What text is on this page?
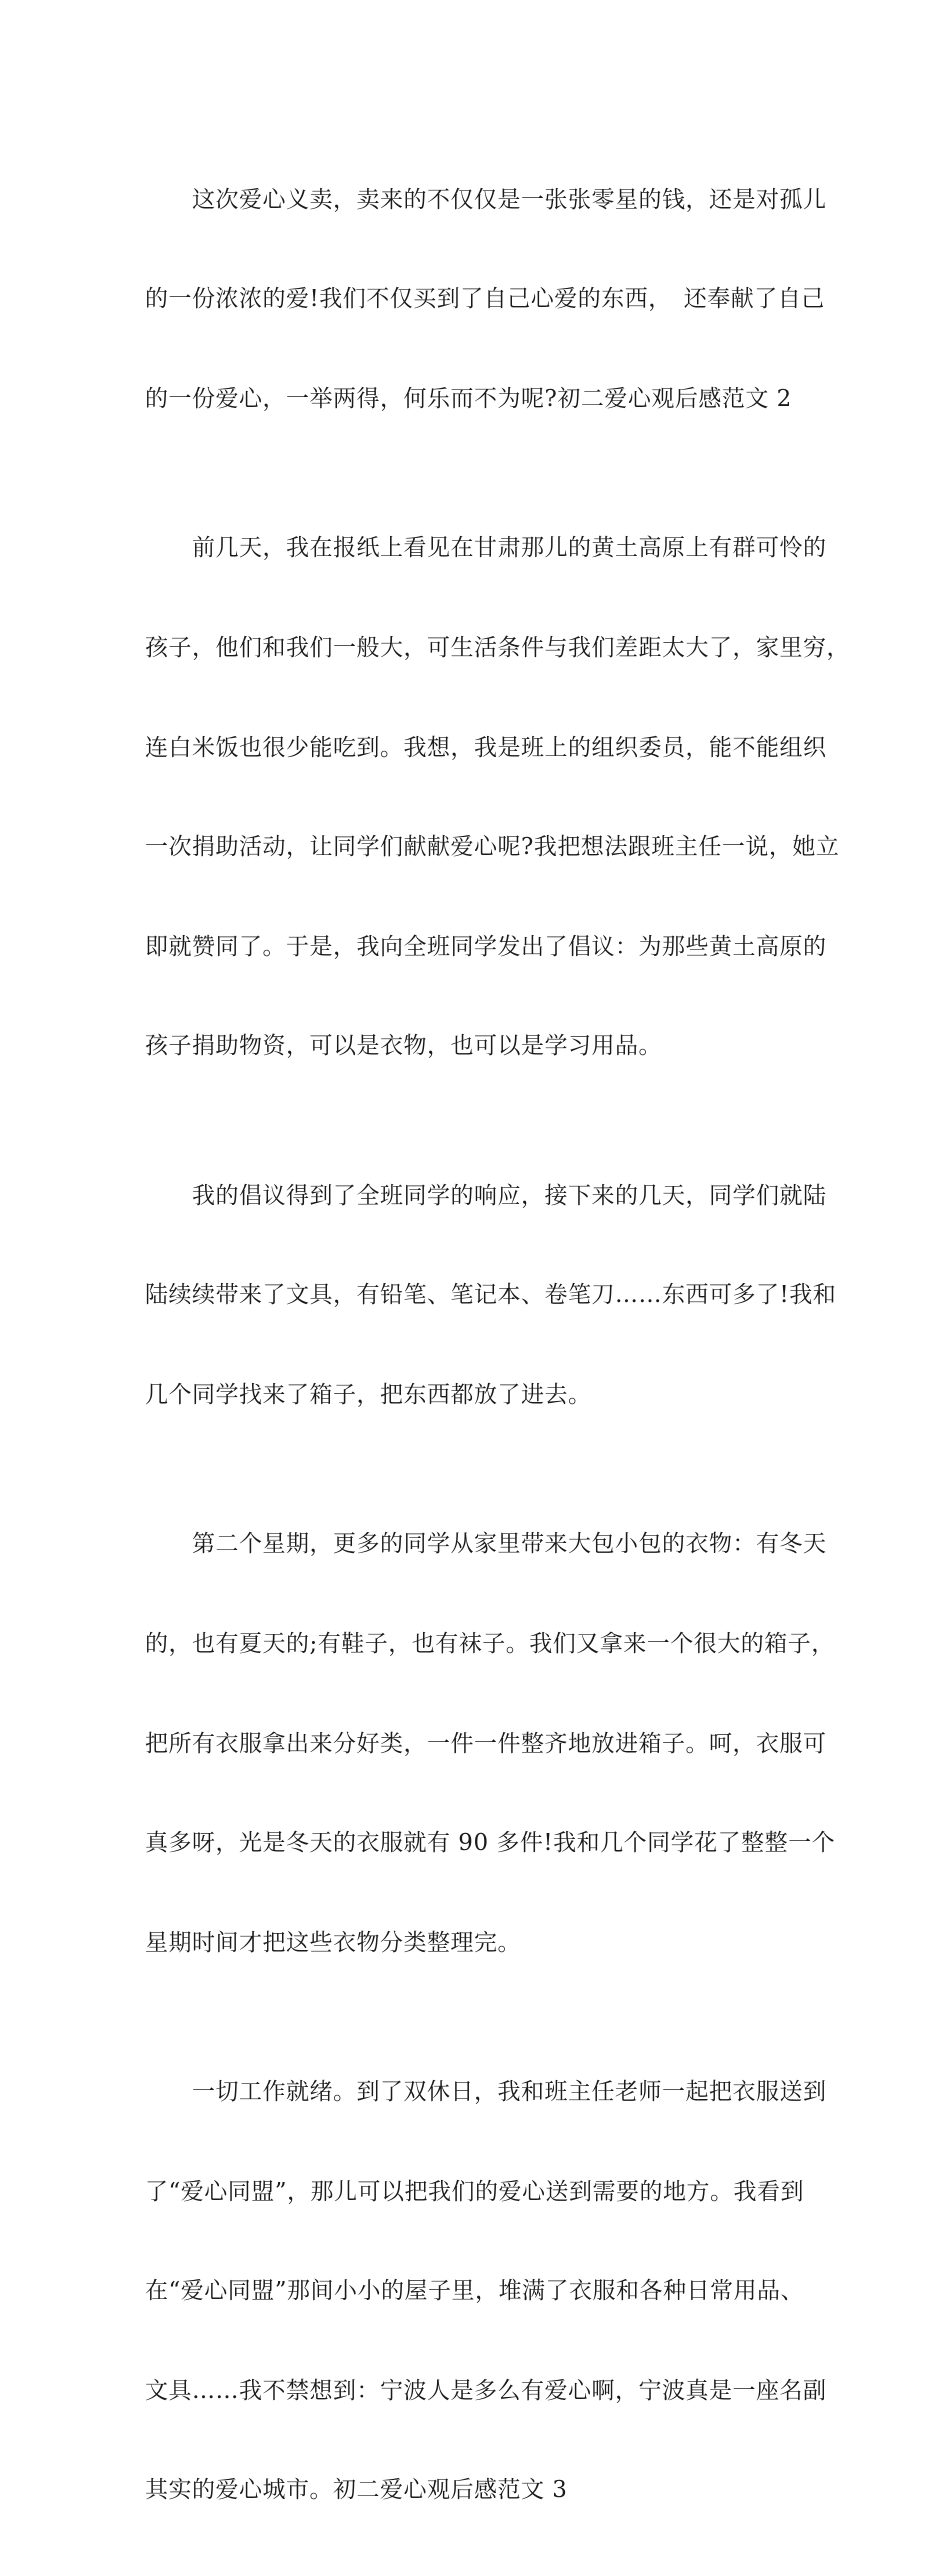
　　这次爱心义卖，卖来的不仅仅是一张张零星的钱，还是对孤儿

的一份浓浓的爱!我们不仅买到了自己心爱的东西，　还奉献了自己

的一份爱心，一举两得，何乐而不为呢?初二爱心观后感范文 2

　　前几天，我在报纸上看见在甘肃那儿的黄土高原上有群可怜的

孩子，他们和我们一般大，可生活条件与我们差距太大了，家里穷，

连白米饭也很少能吃到。我想，我是班上的组织委员，能不能组织

一次捐助活动，让同学们献献爱心呢?我把想法跟班主任一说，她立

即就赞同了。于是，我向全班同学发出了倡议：为那些黄土高原的

孩子捐助物资，可以是衣物，也可以是学习用品。

　　我的倡议得到了全班同学的响应，接下来的几天，同学们就陆

陆续续带来了文具，有铅笔、笔记本、卷笔刀……东西可多了!我和

几个同学找来了箱子，把东西都放了进去。

　　第二个星期，更多的同学从家里带来大包小包的衣物：有冬天

的，也有夏天的;有鞋子，也有袜子。我们又拿来一个很大的箱子，

把所有衣服拿出来分好类，一件一件整齐地放进箱子。呵，衣服可

真多呀，光是冬天的衣服就有 90 多件!我和几个同学花了整整一个

星期时间才把这些衣物分类整理完。

　　一切工作就绪。到了双休日，我和班主任老师一起把衣服送到

了“爱心同盟”，那儿可以把我们的爱心送到需要的地方。我看到

在“爱心同盟”那间小小的屋子里，堆满了衣服和各种日常用品、

文具……我不禁想到：宁波人是多么有爱心啊，宁波真是一座名副

其实的爱心城市。初二爱心观后感范文 3
